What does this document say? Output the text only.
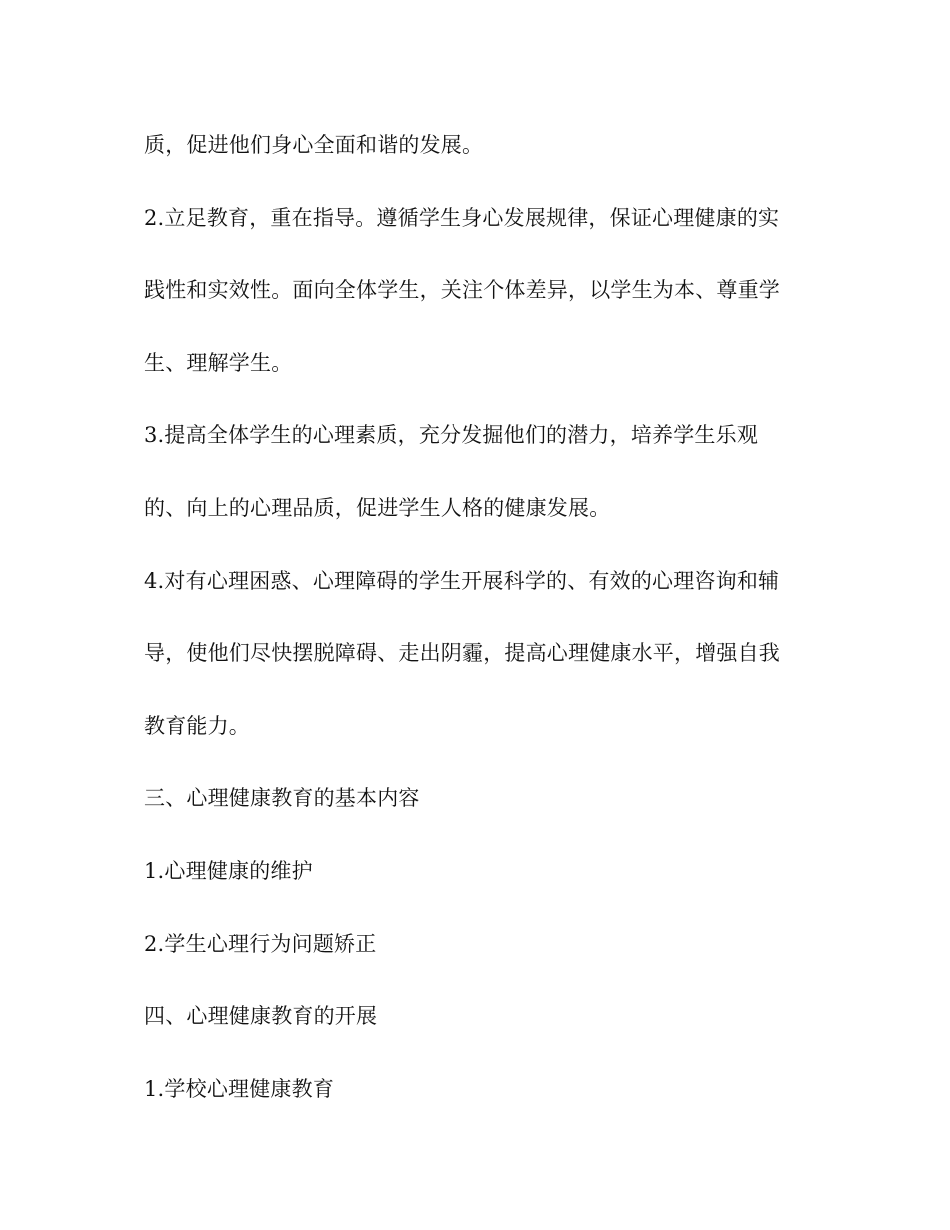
质，促进他们身心全面和谐的发展。
2.立足教育，重在指导。遵循学生身心发展规律，保证心理健康的实
践性和实效性。面向全体学生，关注个体差异，以学生为本、尊重学
生、理解学生。
3.提高全体学生的心理素质，充分发掘他们的潜力，培养学生乐观
的、向上的心理品质，促进学生人格的健康发展。
4.对有心理困惑、心理障碍的学生开展科学的、有效的心理咨询和辅
导，使他们尽快摆脱障碍、走出阴霾，提高心理健康水平，增强自我
教育能力。
三、心理健康教育的基本内容
1.心理健康的维护
2.学生心理行为问题矫正
四、心理健康教育的开展
1.学校心理健康教育
